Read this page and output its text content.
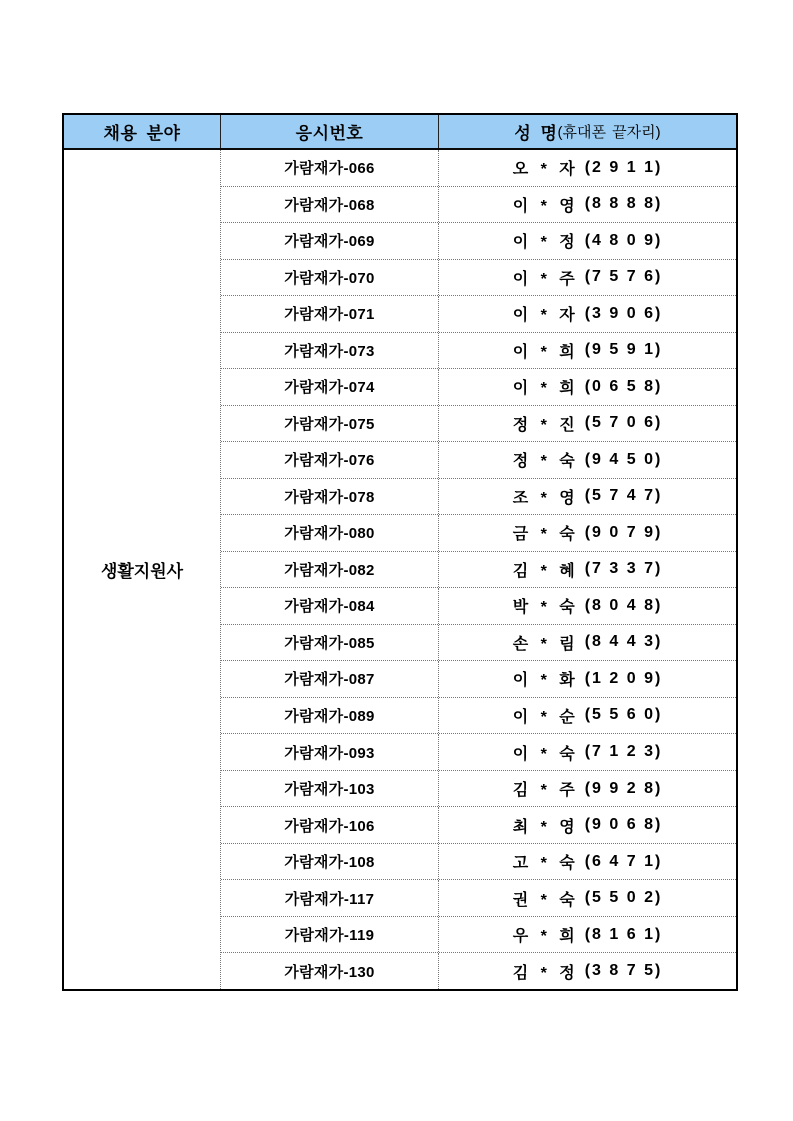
채용 분야	응시번호	성 명 (휴대폰 끝자리)
생활지원사
가람재가-066	오 * 자 (2 9 1 1)
가람재가-068	이 * 영 (8 8 8 8)
가람재가-069	이 * 정 (4 8 0 9)
가람재가-070	이 * 주 (7 5 7 6)
가람재가-071	이 * 자 (3 9 0 6)
가람재가-073	이 * 희 (9 5 9 1)
가람재가-074	이 * 희 (0 6 5 8)
가람재가-075	정 * 진 (5 7 0 6)
가람재가-076	정 * 숙 (9 4 5 0)
가람재가-078	조 * 영 (5 7 4 7)
가람재가-080	금 * 숙 (9 0 7 9)
가람재가-082	김 * 혜 (7 3 3 7)
가람재가-084	박 * 숙 (8 0 4 8)
가람재가-085	손 * 림 (8 4 4 3)
가람재가-087	이 * 화 (1 2 0 9)
가람재가-089	이 * 순 (5 5 6 0)
가람재가-093	이 * 숙 (7 1 2 3)
가람재가-103	김 * 주 (9 9 2 8)
가람재가-106	최 * 영 (9 0 6 8)
가람재가-108	고 * 숙 (6 4 7 1)
가람재가-117	권 * 숙 (5 5 0 2)
가람재가-119	우 * 희 (8 1 6 1)
가람재가-130	김 * 정 (3 8 7 5)
